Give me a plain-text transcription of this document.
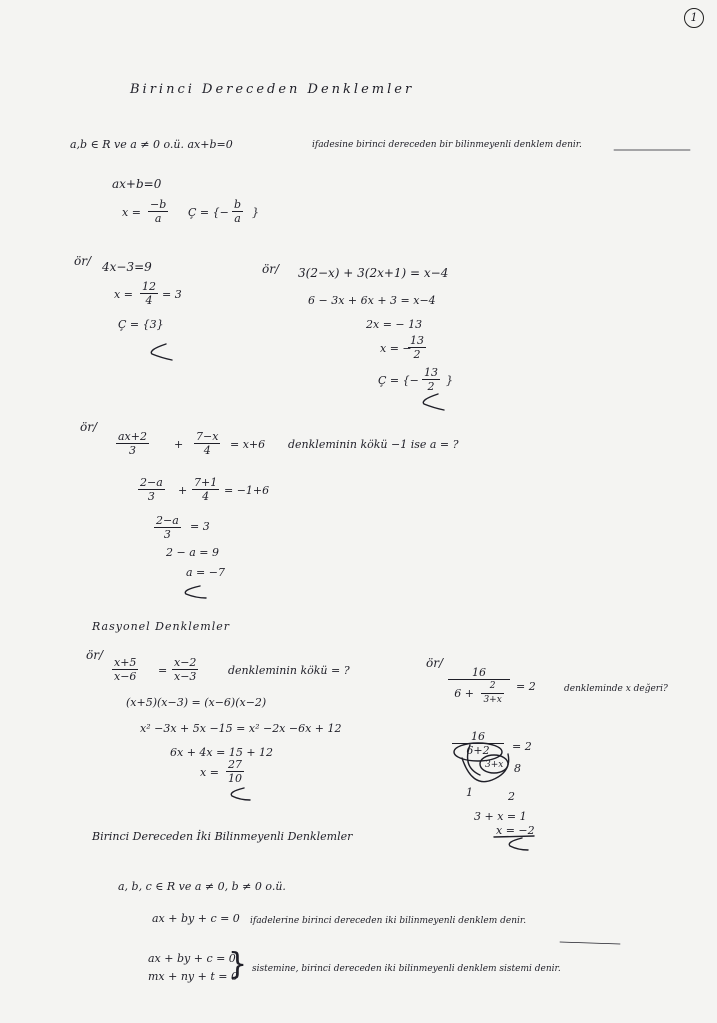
1
Birinci Dereceden Denklemler
a,b ∈ R ve a ≠ 0 o.ü. ax+b=0	ifadesine birinci dereceden bir bilinmeyenli denklem denir.
ax+b=0
$x = \frac{-b}{a}$ Ç = {− $\frac{b}{a}$ }
ör/ 4x−3=9
$x = \frac{12}{4} = 3$
Ç = {3}
ör/ 3(2−x) + 3(2x+1) = x−4
6 − 3x + 6x + 3 = x−4
2x = − 13
x = −
$\frac{13}{2}$
Ç = {− $\frac{13}{2}$ }
ör/
$\frac{ax+2}{3} + \frac{7-x}{4} = x+6$ denkleminin kökü −1 ise a = ?
$\frac{2-a}{3} + \frac{7+1}{4} = -1+6$
$\frac{2-a}{3} = 3$
2 − a = 9
a = −7
Rasyonel Denklemler
ör/
$\frac{x+5}{x-6} = \frac{x-2}{x-3}$	denkleminin kökü = ?
(x+5)(x−3) = (x−6)(x−2)
x² −3x + 5x −15 = x² −2x −6x + 12
6x + 4x = 15 + 12
$x = \frac{27}{10}$
ör/
$\frac{16}{6 + \frac{2}{3+x}} = 2$	denkleminde x değeri?
$\frac{16}{6+2}$
3+x
= 2
8
1	2
3 + x = 1
x = −2
Birinci Dereceden İki Bilinmeyenli Denklemler
a, b, c ∈ R ve a ≠ 0, b ≠ 0 o.ü.
ax + by + c = 0 ifadelerine birinci dereceden iki bilinmeyenli denklem denir.
ax + by + c = 0
mx + ny + t = 0
} sistemine, birinci dereceden iki bilinmeyenli denklem sistemi denir.
